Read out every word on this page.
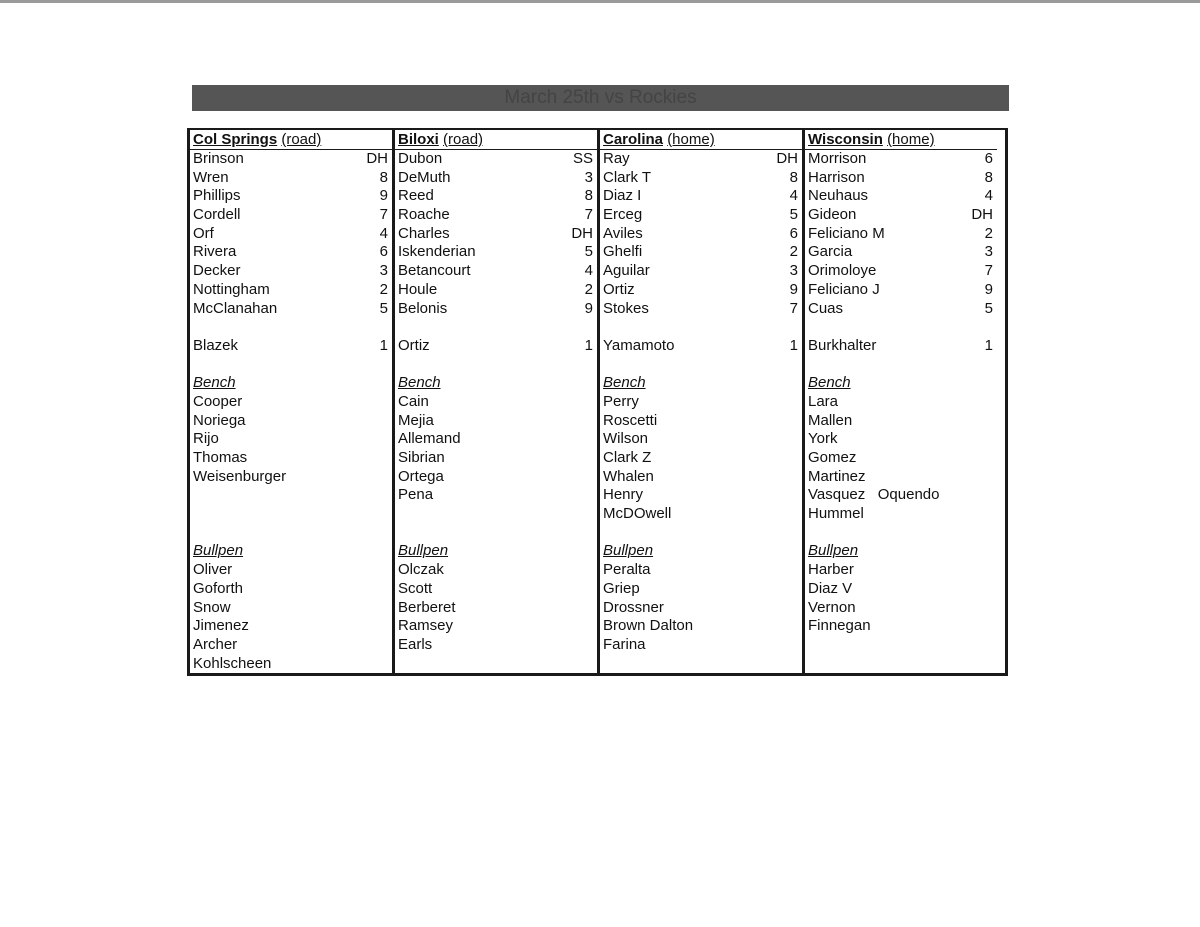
March 25th vs Rockies
Col Springs (road)
Brinson	DH
Wren	8
Phillips	9
Cordell	7
Orf	4
Rivera	6
Decker	3
Nottingham	2
McClanahan	5
Blazek	1
Bench
Cooper
Noriega
Rijo
Thomas
Weisenburger
Bullpen
Oliver
Goforth
Snow
Jimenez
Archer
Kohlscheen
Biloxi (road)
Dubon	SS
DeMuth	3
Reed	8
Roache	7
Charles	DH
Iskenderian	5
Betancourt	4
Houle	2
Belonis	9
Ortiz	1
Bench
Cain
Mejia
Allemand
Sibrian
Ortega
Pena
Bullpen
Olczak
Scott
Berberet
Ramsey
Earls
Carolina (home)
Ray	DH
Clark T	8
Diaz I	4
Erceg	5
Aviles	6
Ghelfi	2
Aguilar	3
Ortiz	9
Stokes	7
Yamamoto	1
Bench
Perry
Roscetti
Wilson
Clark Z
Whalen
Henry
McDOwell
Bullpen
Peralta
Griep
Drossner
Brown Dalton
Farina
Wisconsin (home)
Morrison	6
Harrison	8
Neuhaus	4
Gideon	DH
Feliciano M	2
Garcia	3
Orimoloye	7
Feliciano J	9
Cuas	5
Burkhalter	1
Bench
Lara
Mallen
York
Gomez
Martinez
Vasquez   Oquendo
Hummel
Bullpen
Harber
Diaz V
Vernon
Finnegan
